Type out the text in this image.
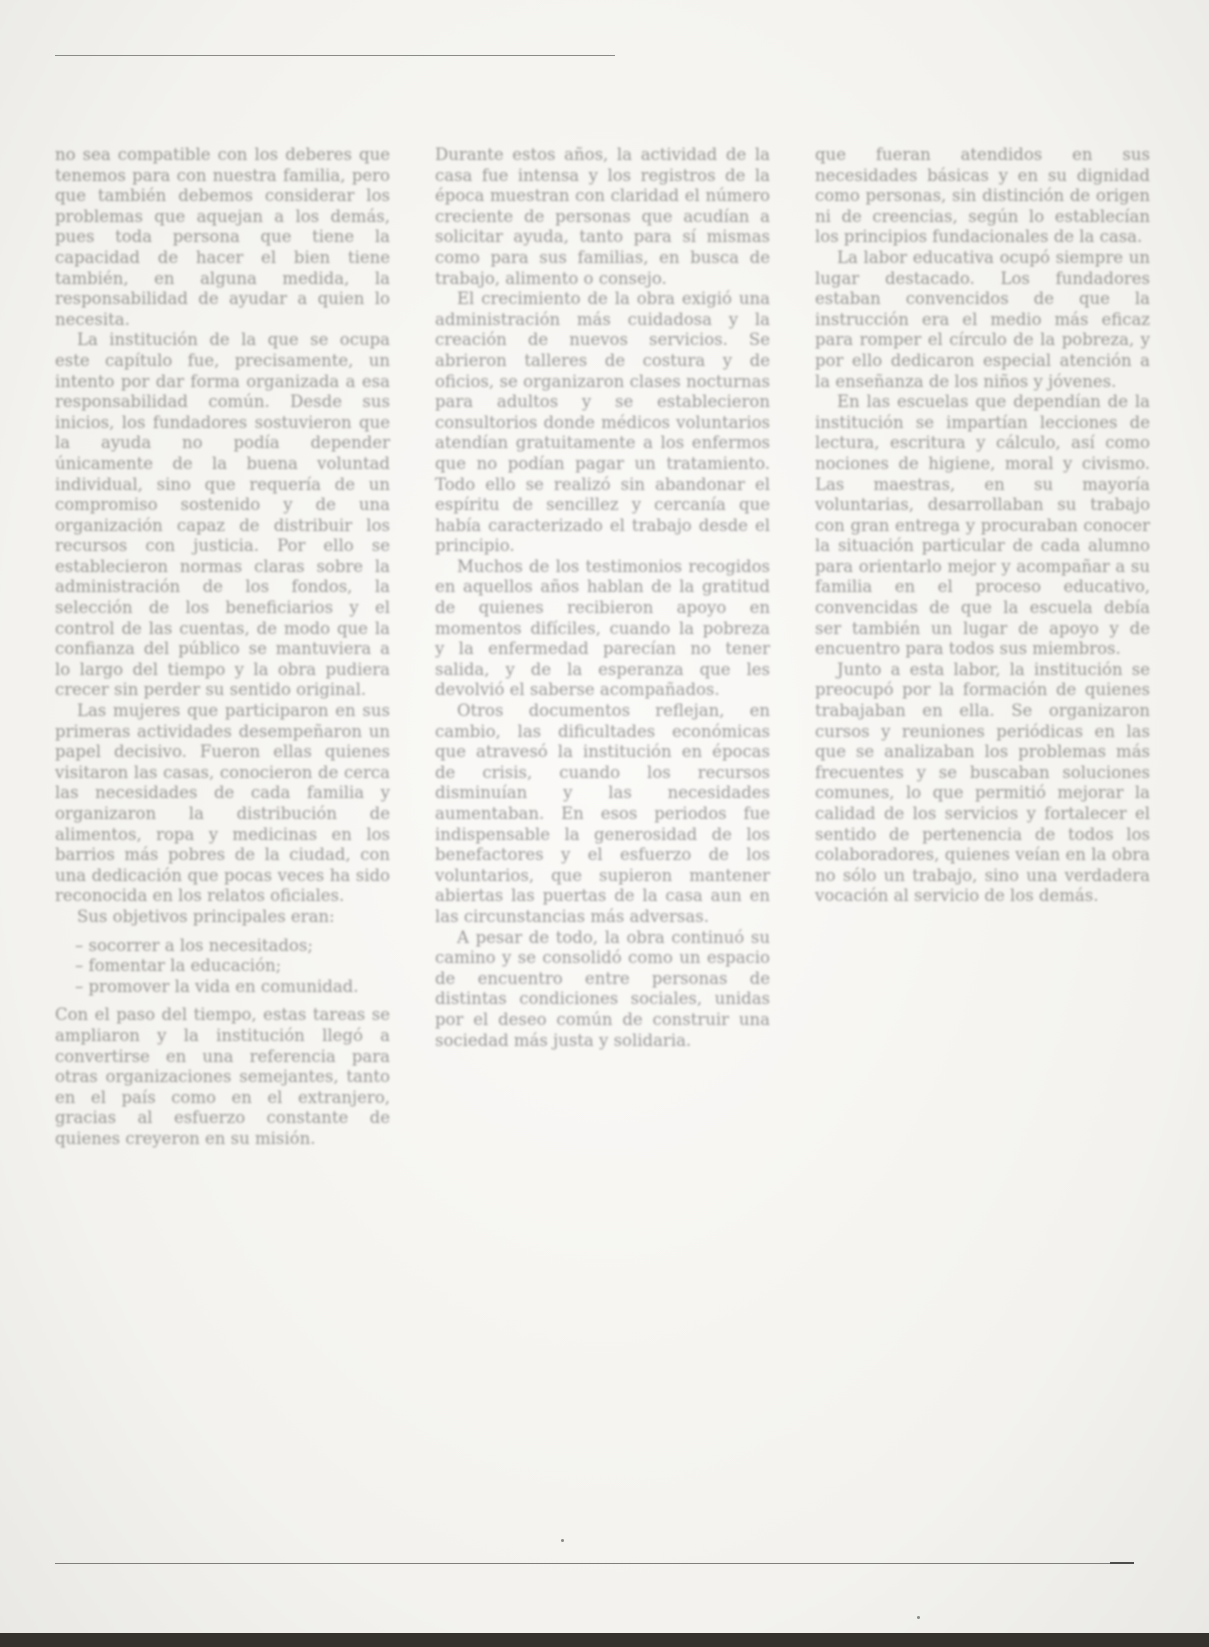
no sea compatible con los deberes que tenemos para con nuestra familia, pero que también debemos considerar los problemas que aquejan a los demás, pues toda persona que tiene la capacidad de hacer el bien tiene también, en alguna medida, la responsabilidad de ayudar a quien lo necesita.

La institución de la que se ocupa este capítulo fue, precisamente, un intento por dar forma organizada a esa responsabilidad común. Desde sus inicios, los fundadores sostuvieron que la ayuda no podía depender únicamente de la buena voluntad individual, sino que requería de un compromiso sostenido y de una organización capaz de distribuir los recursos con justicia. Por ello se establecieron normas claras sobre la administración de los fondos, la selección de los beneficiarios y el control de las cuentas, de modo que la confianza del público se mantuviera a lo largo del tiempo y la obra pudiera crecer sin perder su sentido original.

Las mujeres que participaron en sus primeras actividades desempeñaron un papel decisivo. Fueron ellas quienes visitaron las casas, conocieron de cerca las necesidades de cada familia y organizaron la distribución de alimentos, ropa y medicinas en los barrios más pobres de la ciudad, con una dedicación que pocas veces ha sido reconocida en los relatos oficiales.

Sus objetivos principales eran:

– socorrer a los necesitados;
– fomentar la educación;
– promover la vida en comunidad.

Con el paso del tiempo, estas tareas se ampliaron y la institución llegó a convertirse en una referencia para otras organizaciones semejantes, tanto en el país como en el extranjero, gracias al esfuerzo constante de quienes creyeron en su misión.

Durante estos años, la actividad de la casa fue intensa y los registros de la época muestran con claridad el número creciente de personas que acudían a solicitar ayuda, tanto para sí mismas como para sus familias, en busca de trabajo, alimento o consejo.

El crecimiento de la obra exigió una administración más cuidadosa y la creación de nuevos servicios. Se abrieron talleres de costura y de oficios, se organizaron clases nocturnas para adultos y se establecieron consultorios donde médicos voluntarios atendían gratuitamente a los enfermos que no podían pagar un tratamiento. Todo ello se realizó sin abandonar el espíritu de sencillez y cercanía que había caracterizado el trabajo desde el principio.

Muchos de los testimonios recogidos en aquellos años hablan de la gratitud de quienes recibieron apoyo en momentos difíciles, cuando la pobreza y la enfermedad parecían no tener salida, y de la esperanza que les devolvió el saberse acompañados.

Otros documentos reflejan, en cambio, las dificultades económicas que atravesó la institución en épocas de crisis, cuando los recursos disminuían y las necesidades aumentaban. En esos periodos fue indispensable la generosidad de los benefactores y el esfuerzo de los voluntarios, que supieron mantener abiertas las puertas de la casa aun en las circunstancias más adversas.

A pesar de todo, la obra continuó su camino y se consolidó como un espacio de encuentro entre personas de distintas condiciones sociales, unidas por el deseo común de construir una sociedad más justa y solidaria.

que fueran atendidos en sus necesidades básicas y en su dignidad como personas, sin distinción de origen ni de creencias, según lo establecían los principios fundacionales de la casa.

La labor educativa ocupó siempre un lugar destacado. Los fundadores estaban convencidos de que la instrucción era el medio más eficaz para romper el círculo de la pobreza, y por ello dedicaron especial atención a la enseñanza de los niños y jóvenes.

En las escuelas que dependían de la institución se impartían lecciones de lectura, escritura y cálculo, así como nociones de higiene, moral y civismo. Las maestras, en su mayoría voluntarias, desarrollaban su trabajo con gran entrega y procuraban conocer la situación particular de cada alumno para orientarlo mejor y acompañar a su familia en el proceso educativo, convencidas de que la escuela debía ser también un lugar de apoyo y de encuentro para todos sus miembros.

Junto a esta labor, la institución se preocupó por la formación de quienes trabajaban en ella. Se organizaron cursos y reuniones periódicas en las que se analizaban los problemas más frecuentes y se buscaban soluciones comunes, lo que permitió mejorar la calidad de los servicios y fortalecer el sentido de pertenencia de todos los colaboradores, quienes veían en la obra no sólo un trabajo, sino una verdadera vocación al servicio de los demás.
